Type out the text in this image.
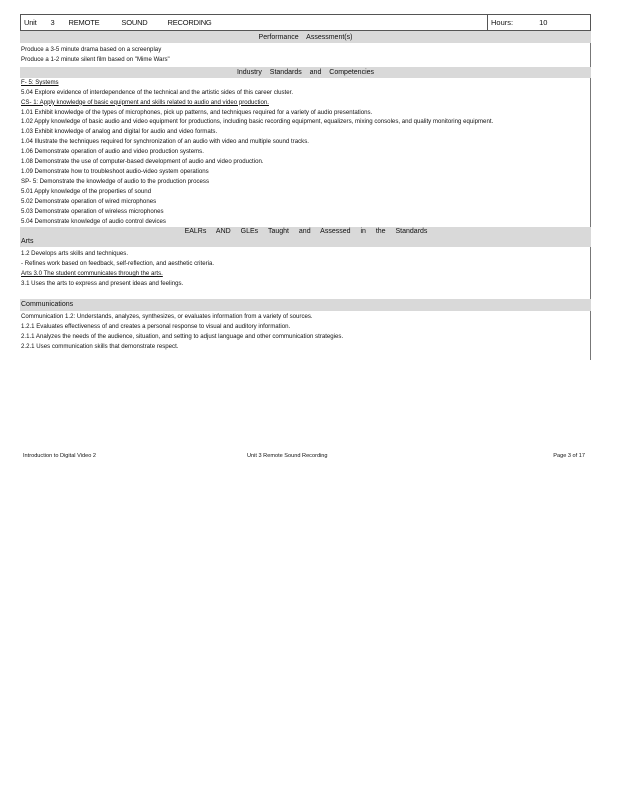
Unit 3 REMOTE	SOUND	RECORDING	Hours:	10
Performance Assessment(s)
Produce a 3-5 minute drama based on a screenplay
Produce a 1-2 minute silent film based on "Mime Wars"
Industry Standards and Competencies
F- 5: Systems
5.04 Explore evidence of interdependence of the technical and the artistic sides of this career cluster.
CS- 1: Apply knowledge of basic equipment and skills related to audio and video production.
1.01 Exhibit knowledge of the types of microphones, pick up patterns, and techniques required for a variety of audio presentations.
1.02 Apply knowledge of basic audio and video equipment for productions, including basic recording equipment, equalizers, mixing consoles, and quality monitoring equipment.
1.03 Exhibit knowledge of analog and digital for audio and video formats.
1.04 Illustrate the techniques required for synchronization of an audio with video and multiple sound tracks.
1.06 Demonstrate operation of audio and video production systems.
1.08 Demonstrate the use of computer-based development of audio and video production.
1.09 Demonstrate how to troubleshoot audio-video system operations
SP- 5: Demonstrate the knowledge of audio to the production process
5.01 Apply knowledge of the properties of sound
5.02 Demonstrate operation of wired microphones
5.03 Demonstrate operation of wireless microphones
5.04 Demonstrate knowledge of audio control devices
EALRs AND GLEs Taught and Assessed in the Standards
Arts
1.2 Develops arts skills and techniques.
- Refines work based on feedback, self-reflection, and aesthetic criteria.
Arts 3.0 The student communicates through the arts.
3.1 Uses the arts to express and present ideas and feelings.
Communications
Communication 1.2: Understands, analyzes, synthesizes, or evaluates information from a variety of sources.
1.2.1 Evaluates effectiveness of and creates a personal response to visual and auditory information.
2.1.1 Analyzes the needs of the audience, situation, and setting to adjust language and other communication strategies.
2.2.1 Uses communication skills that demonstrate respect.
Introduction to Digital Video 2	Unit 3 Remote Sound Recording	Page 3 of 17
